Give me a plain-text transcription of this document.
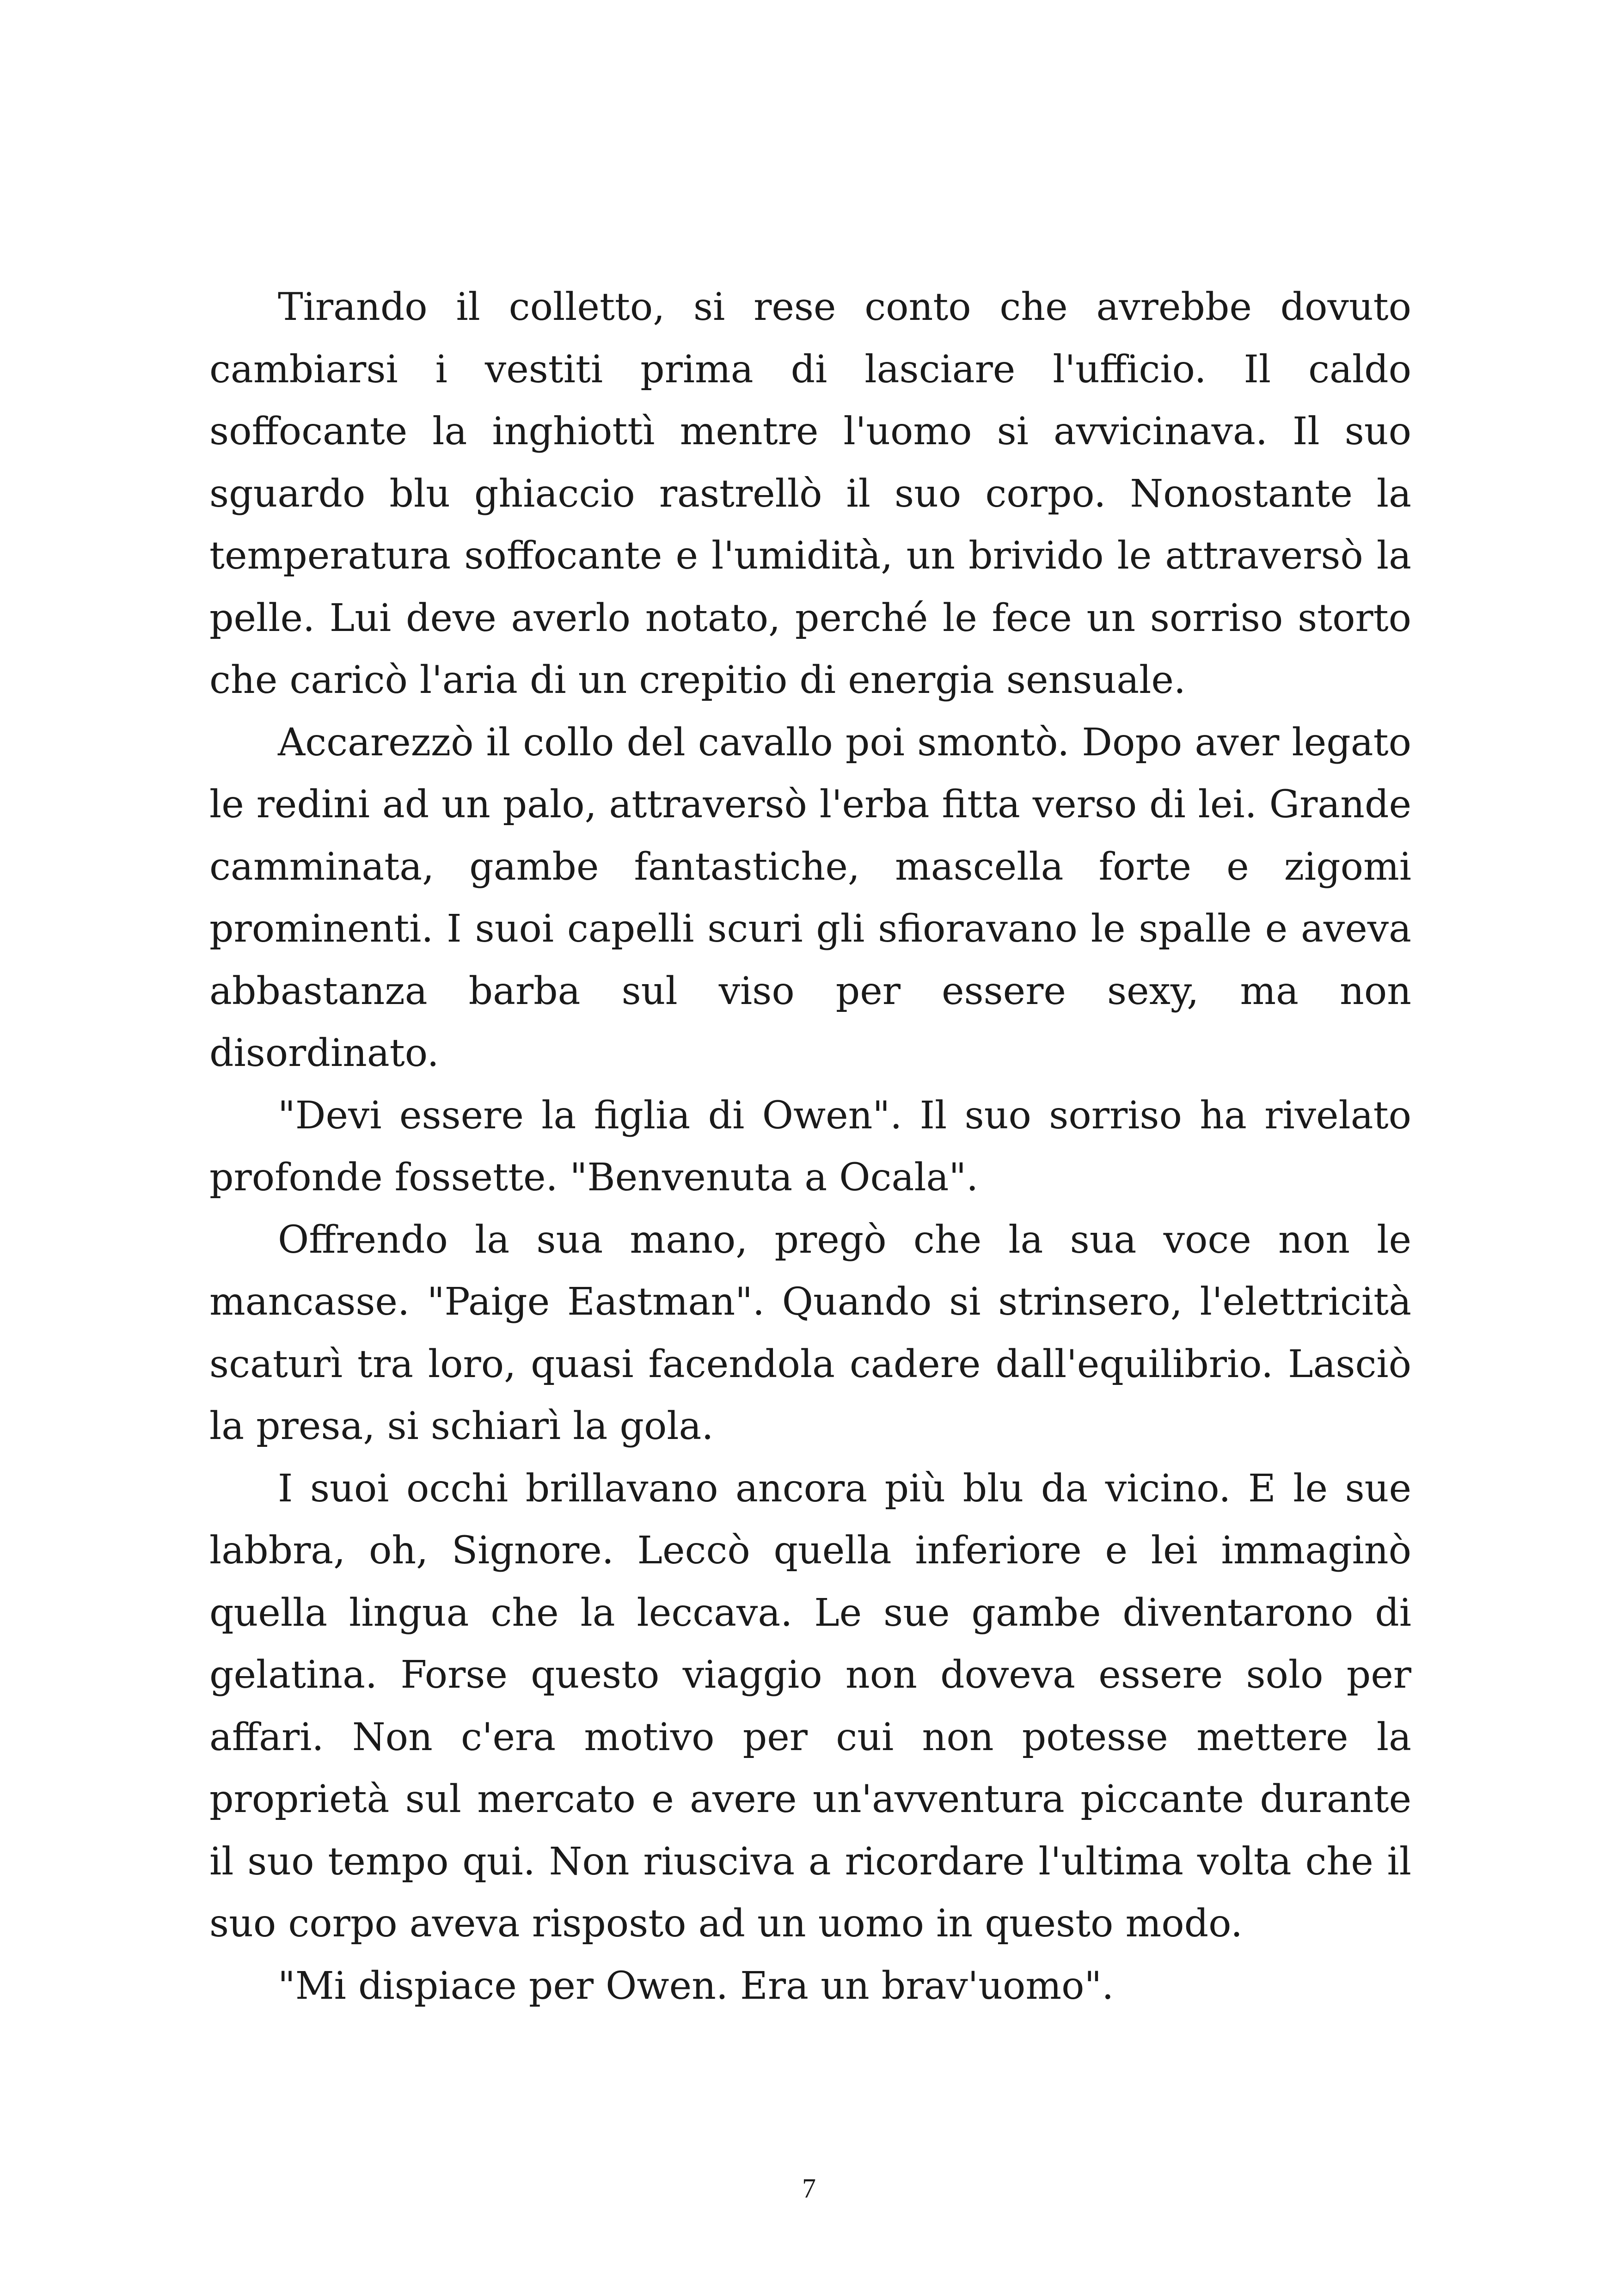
Tirando il colletto, si rese conto che avrebbe dovuto cambiarsi i vestiti prima di lasciare l'ufficio. Il caldo soffocante la inghiottì mentre l'uomo si avvicinava. Il suo sguardo blu ghiaccio rastrellò il suo corpo. Nonostante la temperatura soffocante e l'umidità, un brivido le attraversò la pelle. Lui deve averlo notato, perché le fece un sorriso storto che caricò l'aria di un crepitio di energia sensuale.

Accarezzò il collo del cavallo poi smontò. Dopo aver legato le redini ad un palo, attraversò l'erba fitta verso di lei. Grande camminata, gambe fantastiche, mascella forte e zigomi prominenti. I suoi capelli scuri gli sfioravano le spalle e aveva abbastanza barba sul viso per essere sexy, ma non disordinato.

"Devi essere la figlia di Owen". Il suo sorriso ha rivelato profonde fossette. "Benvenuta a Ocala".

Offrendo la sua mano, pregò che la sua voce non le mancasse. "Paige Eastman". Quando si strinsero, l'elettricità scaturì tra loro, quasi facendola cadere dall'equilibrio. Lasciò la presa, si schiarì la gola.

I suoi occhi brillavano ancora più blu da vicino. E le sue labbra, oh, Signore. Leccò quella inferiore e lei immaginò quella lingua che la leccava. Le sue gambe diventarono di gelatina. Forse questo viaggio non doveva essere solo per affari. Non c'era motivo per cui non potesse mettere la proprietà sul mercato e avere un'avventura piccante durante il suo tempo qui. Non riusciva a ricordare l'ultima volta che il suo corpo aveva risposto ad un uomo in questo modo.

"Mi dispiace per Owen. Era un brav'uomo".

7
